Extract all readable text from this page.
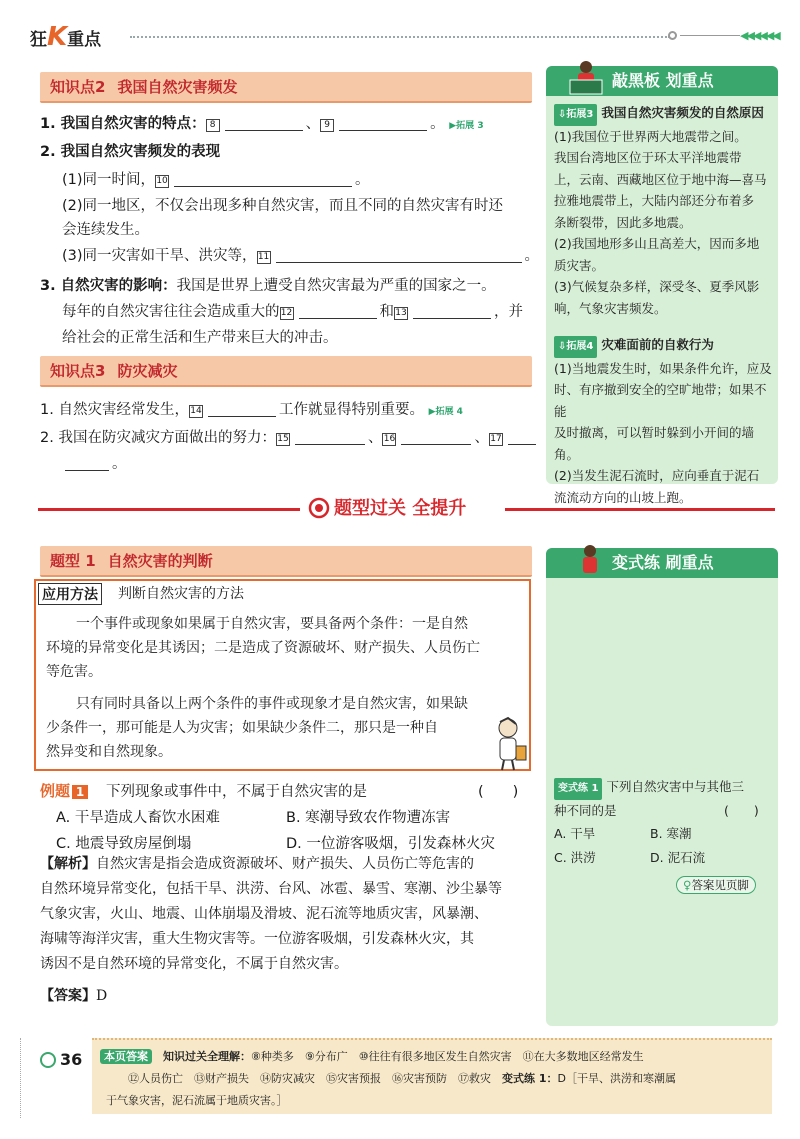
狂K重点	◀◀◀◀◀◀
知识点2 我国自然灾害频发
1. 我国自然灾害的特点： 8	、 9	。 ▶拓展 3
2. 我国自然灾害频发的表现
(1)同一时间，10	。
(2)同一地区，不仅会出现多种自然灾害，而且不同的自然灾害有时还
会连续发生。
(3)同一灾害如干旱、洪灾等，11	。
3. 自然灾害的影响：我国是世界上遭受自然灾害最为严重的国家之一。
每年的自然灾害往往会造成重大的12	和13	，并
给社会的正常生活和生产带来巨大的冲击。
知识点3 防灾减灾
1. 自然灾害经常发生，14	工作就显得特别重要。 ▶拓展 4
2. 我国在防灾减灾方面做出的努力：15	、16	、17
。
敲黑板 划重点
⇩拓展3 我国自然灾害频发的自然原因
(1)我国位于世界两大地震带之间。
我国台湾地区位于环太平洋地震带
上，云南、西藏地区位于地中海—喜马
拉雅地震带上，大陆内部还分布着多
条断裂带，因此多地震。
(2)我国地形多山且高差大，因而多地
质灾害。
(3)气候复杂多样，深受冬、夏季风影
响，气象灾害频发。
⇩拓展4 灾难面前的自救行为
(1)当地震发生时，如果条件允许，应及
时、有序撤到安全的空旷地带；如果不能
及时撤离，可以暂时躲到小开间的墙角。
(2)当发生泥石流时，应向垂直于泥石
流流动方向的山坡上跑。
题型过关 全提升
题型 1 自然灾害的判断
应用方法 判断自然灾害的方法
一个事件或现象如果属于自然灾害，要具备两个条件：一是自然
环境的异常变化是其诱因；二是造成了资源破坏、财产损失、人员伤亡
等危害。
只有同时具备以上两个条件的事件或现象才是自然灾害，如果缺
少条件一，那可能是人为灾害；如果缺少条件二，那只是一种自
然异变和自然现象。
例题 1 下列现象或事件中，不属于自然灾害的是	(　　)
A. 干旱造成人畜饮水困难	B. 寒潮导致农作物遭冻害
C. 地震导致房屋倒塌	D. 一位游客吸烟，引发森林火灾
【解析】自然灾害是指会造成资源破坏、财产损失、人员伤亡等危害的
自然环境异常变化，包括干旱、洪涝、台风、冰雹、暴雪、寒潮、沙尘暴等
气象灾害，火山、地震、山体崩塌及滑坡、泥石流等地质灾害，风暴潮、
海啸等海洋灾害，重大生物灾害等。一位游客吸烟，引发森林火灾，其
诱因不是自然环境的异常变化，不属于自然灾害。
【答案】D
变式练 刷重点
变式练 1 下列自然灾害中与其他三
种不同的是	(　　)
A. 干旱	B. 寒潮
C. 洪涝	D. 泥石流
♀答案见页脚
36	本页答案　 知识过关全理解：⑧种类多　⑨分布广　⑩往往有很多地区发生自然灾害　⑪在大多数地区经常发生
⑫人员伤亡　⑬财产损失　⑭防灾减灾　⑮灾害预报　⑯灾害预防　⑰救灾　 变式练 1：D［干旱、洪涝和寒潮属
于气象灾害，泥石流属于地质灾害。］
